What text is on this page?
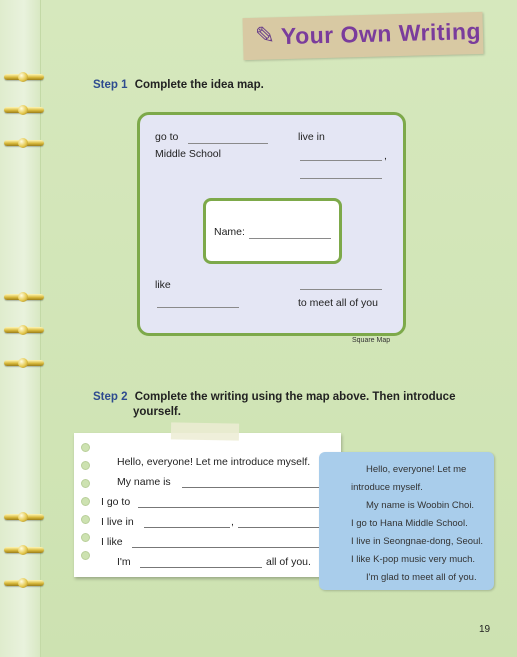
✎ Your Own Writing
Step 1 Complete the idea map.
go to
Middle School
live in
,
Name:
like
to meet all of you
Square Map
Step 2 Complete the writing using the map above. Then introduce
yourself.
Hello, everyone! Let me introduce myself.
My name is
I go to
I live in	,
I like
I'm	all of you.
Hello, everyone! Let me
introduce myself.
My name is Woobin Choi.
I go to Hana Middle School.
I live in Seongnae-dong, Seoul.
I like K-pop music very much.
I'm glad to meet all of you.
19
